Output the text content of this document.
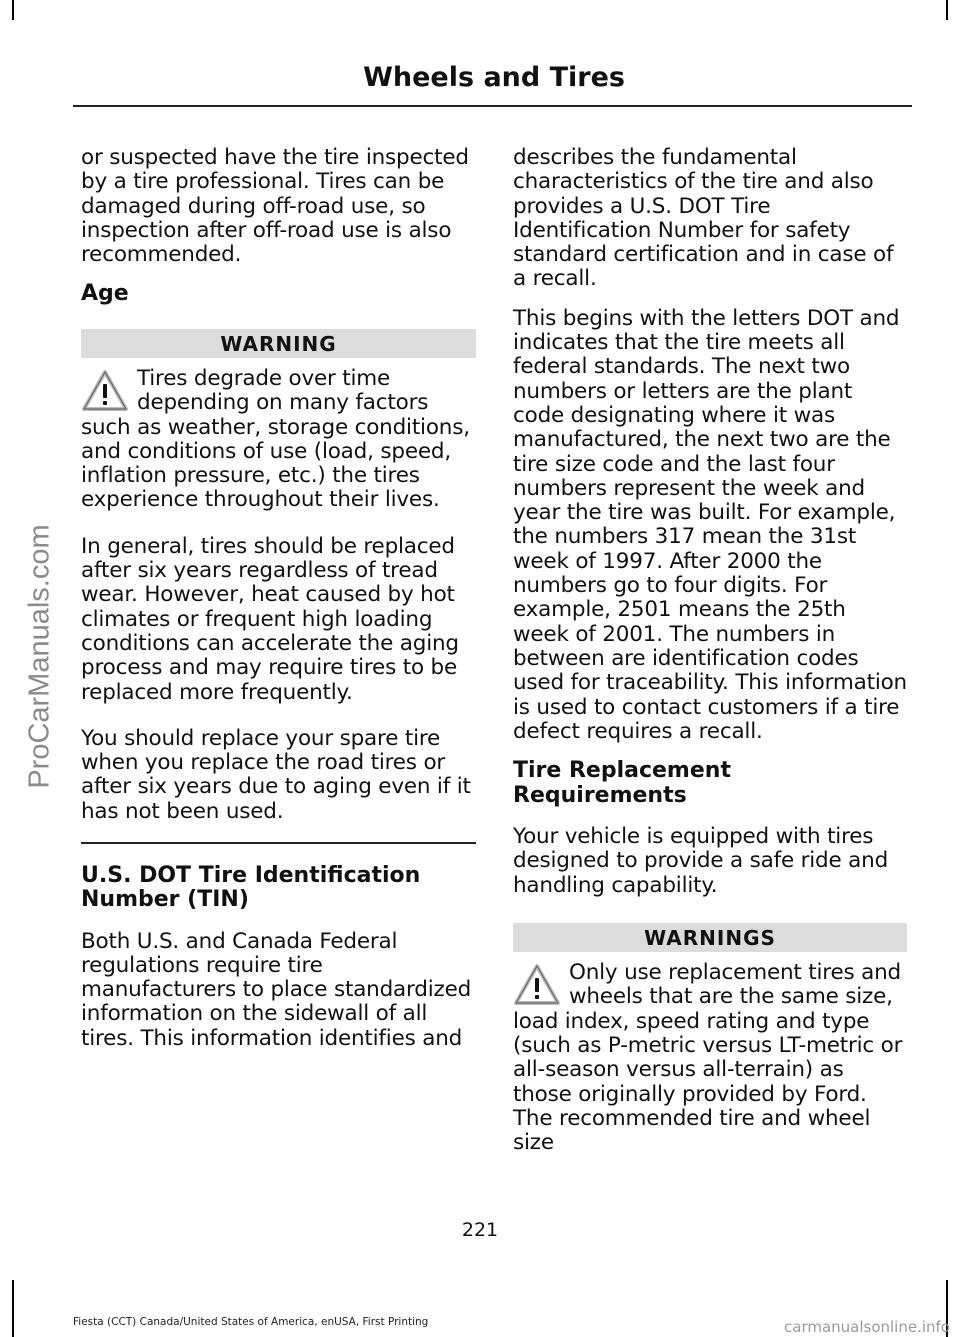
ProCarManuals.com
Wheels and Tires

or suspected have the tire inspected by a tire professional. Tires can be damaged during off-road use, so inspection after off-road use is also recommended.

Age
WARNING
Tires degrade over time depending on many factors such as weather, storage conditions, and conditions of use (load, speed, inflation pressure, etc.) the tires experience throughout their lives.

In general, tires should be replaced after six years regardless of tread wear. However, heat caused by hot climates or frequent high loading conditions can accelerate the aging process and may require tires to be replaced more frequently.

You should replace your spare tire when you replace the road tires or after six years due to aging even if it has not been used.

U.S. DOT Tire Identification Number (TIN)

Both U.S. and Canada Federal regulations require tire manufacturers to place standardized information on the sidewall of all tires. This information identifies and

describes the fundamental characteristics of the tire and also provides a U.S. DOT Tire Identification Number for safety standard certification and in case of a recall.

This begins with the letters DOT and indicates that the tire meets all federal standards. The next two numbers or letters are the plant code designating where it was manufactured, the next two are the tire size code and the last four numbers represent the week and year the tire was built. For example, the numbers 317 mean the 31st week of 1997. After 2000 the numbers go to four digits. For example, 2501 means the 25th week of 2001. The numbers in between are identification codes used for traceability. This information is used to contact customers if a tire defect requires a recall.

Tire Replacement Requirements

Your vehicle is equipped with tires designed to provide a safe ride and handling capability.

WARNINGS
Only use replacement tires and wheels that are the same size, load index, speed rating and type (such as P-metric versus LT-metric or all-season versus all-terrain) as those originally provided by Ford. The recommended tire and wheel size
221
Fiesta (CCT) Canada/United States of America, enUSA, First Printing	carmanualsonline.info
